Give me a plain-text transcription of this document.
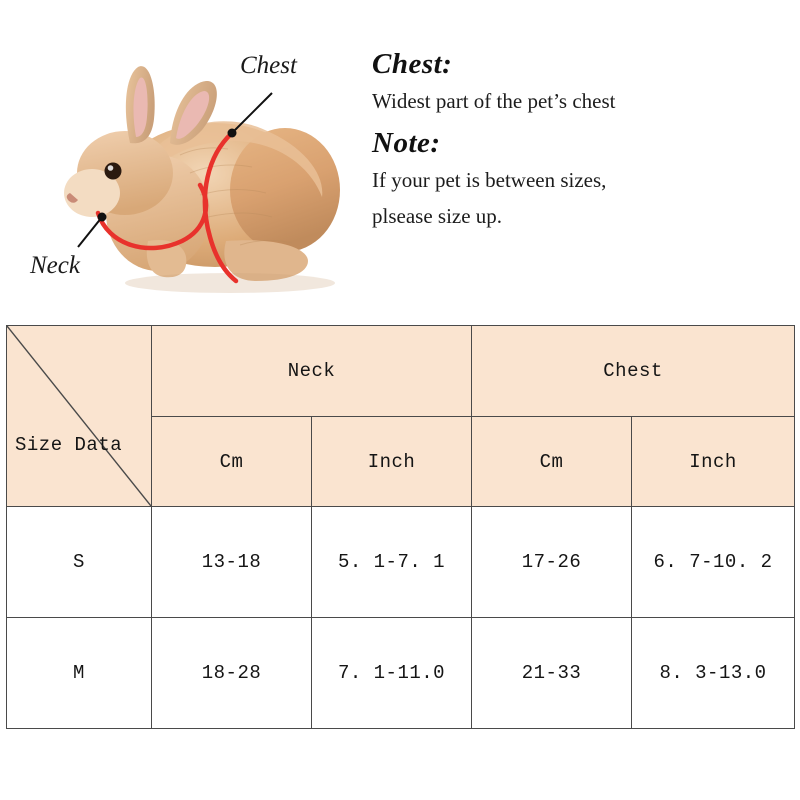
Chest
Neck

Chest:

Widest part of the pet’s chest

Note:

If your pet is between sizes,

plsease size up.

Size Data	Neck		Chest	
	Cm	Inch	Cm	Inch
S	13-18	5. 1-7. 1	17-26	6. 7-10. 2
M	18-28	7. 1-11.0	21-33	8. 3-13.0
